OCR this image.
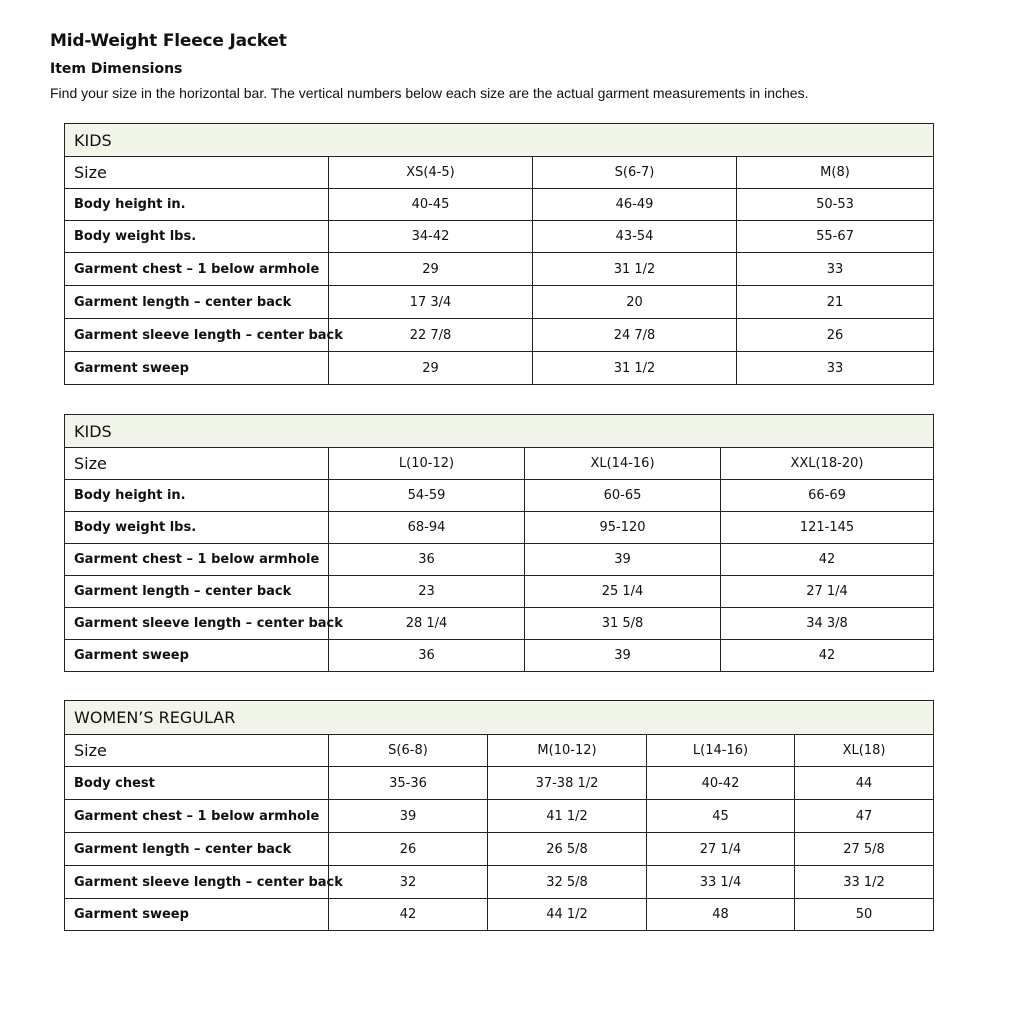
Mid-Weight Fleece Jacket
Item Dimensions
Find your size in the horizontal bar. The vertical numbers below each size are the actual garment measurements in inches.
KIDS			
Size	XS(4-5)	S(6-7)	M(8)
Body height in.	40-45	46-49	50-53
Body weight lbs.	34-42	43-54	55-67
Garment chest – 1 below armhole	29	31 1/2	33
Garment length – center back	17 3/4	20	21
Garment sleeve length – center back	22 7/8	24 7/8	26
Garment sweep	29	31 1/2	33
KIDS			
Size	L(10-12)	XL(14-16)	XXL(18-20)
Body height in.	54-59	60-65	66-69
Body weight lbs.	68-94	95-120	121-145
Garment chest – 1 below armhole	36	39	42
Garment length – center back	23	25 1/4	27 1/4
Garment sleeve length – center back	28 1/4	31 5/8	34 3/8
Garment sweep	36	39	42
WOMEN’S REGULAR				
Size	S(6-8)	M(10-12)	L(14-16)	XL(18)
Body chest	35-36	37-38 1/2	40-42	44
Garment chest – 1 below armhole	39	41 1/2	45	47
Garment length – center back	26	26 5/8	27 1/4	27 5/8
Garment sleeve length – center back	32	32 5/8	33 1/4	33 1/2
Garment sweep	42	44 1/2	48	50
